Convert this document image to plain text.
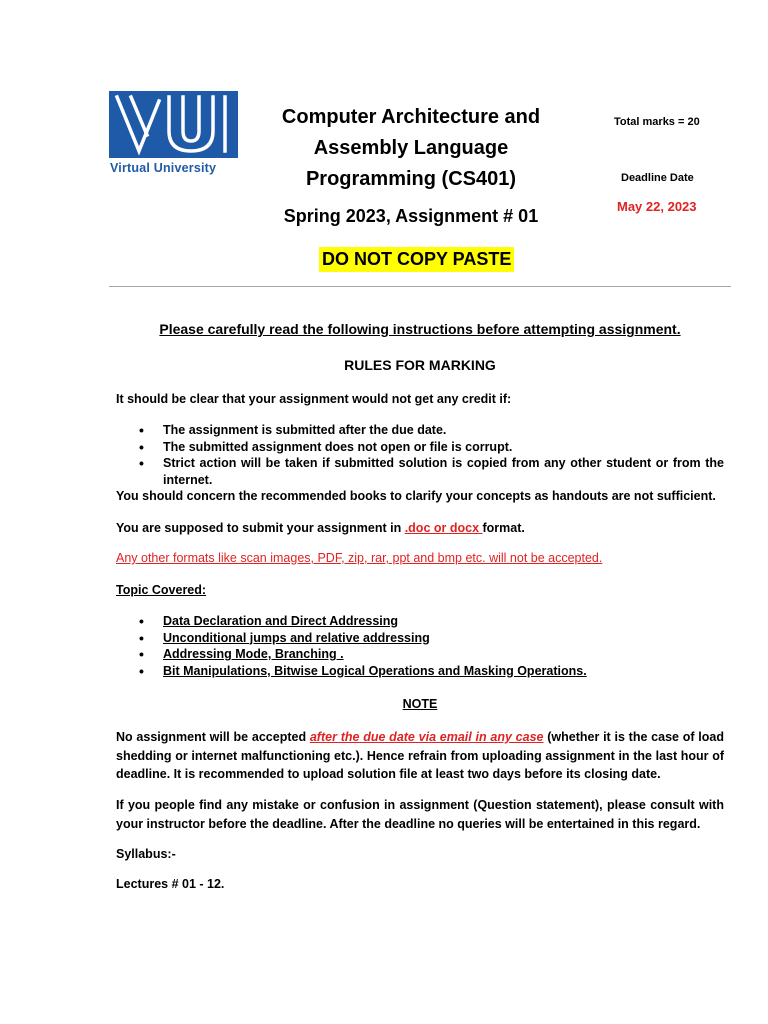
Virtual University
Computer Architecture and
Assembly Language
Programming (CS401)
Spring 2023, Assignment # 01
DO NOT COPY PASTE
Total marks = 20
Deadline Date
May 22, 2023
Please carefully read the following instructions before attempting assignment.
RULES FOR MARKING
It should be clear that your assignment would not get any credit if:
• The assignment is submitted after the due date.
• The submitted assignment does not open or file is corrupt.
• Strict action will be taken if submitted solution is copied from any other student or from the internet.
You should concern the recommended books to clarify your concepts as handouts are not sufficient.
You are supposed to submit your assignment in .doc or docx format.
Any other formats like scan images, PDF, zip, rar, ppt and bmp etc. will not be accepted.
Topic Covered:
• Data Declaration and Direct Addressing
• Unconditional jumps and relative addressing
• Addressing Mode, Branching .
• Bit Manipulations, Bitwise Logical Operations and Masking Operations.
NOTE
No assignment will be accepted after the due date via email in any case (whether it is the case of load shedding or internet malfunctioning etc.). Hence refrain from uploading assignment in the last hour of deadline. It is recommended to upload solution file at least two days before its closing date.
If you people find any mistake or confusion in assignment (Question statement), please consult with your instructor before the deadline. After the deadline no queries will be entertained in this regard.
Syllabus:-
Lectures # 01 - 12.
